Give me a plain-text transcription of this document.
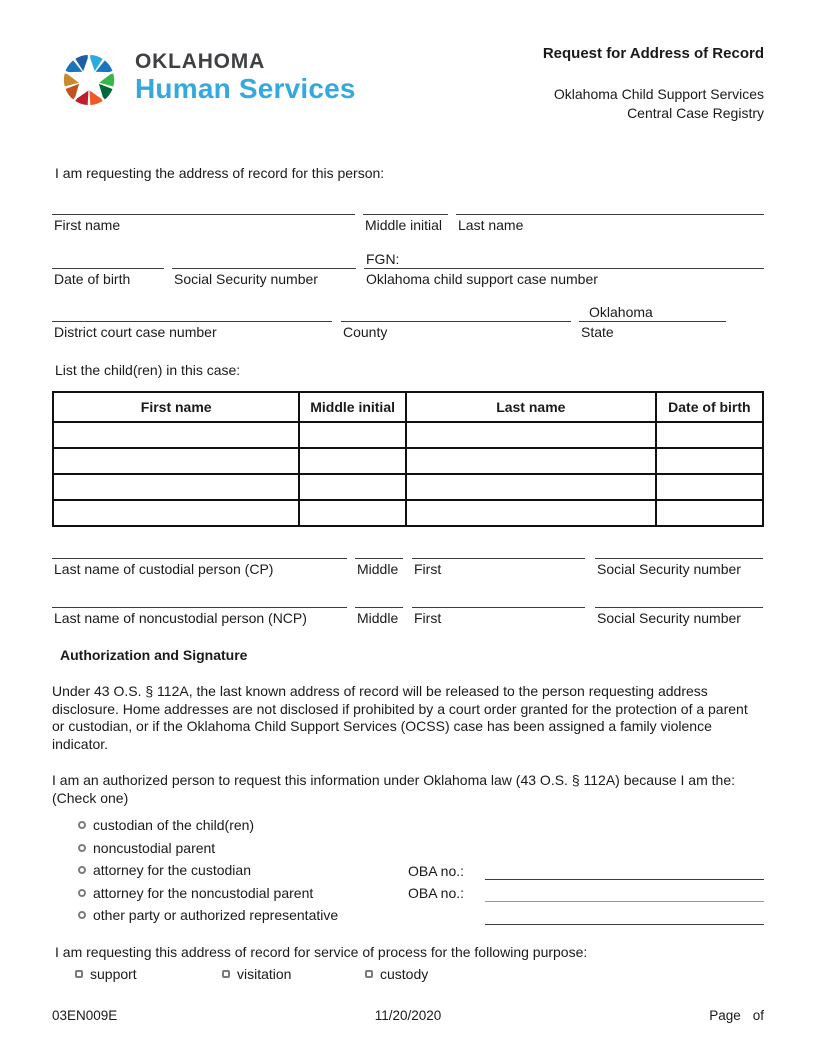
OKLAHOMA
Human Services
Request for Address of Record
Oklahoma Child Support Services
Central Case Registry
I am requesting the address of record for this person:
First name	Middle initial	Last name
Date of birth	Social Security number
FGN:
Oklahoma child support case number
District court case number	County
Oklahoma
State
List the child(ren) in this case:
First name	Middle initial	Last name	Date of birth

Last name of custodial person (CP)	Middle	First	Social Security number
Last name of noncustodial person (NCP)	Middle	First	Social Security number
Authorization and Signature
Under 43 O.S. § 112A, the last known address of record will be released to the person requesting address disclosure. Home addresses are not disclosed if prohibited by a court order granted for the protection of a parent or custodian, or if the Oklahoma Child Support Services (OCSS) case has been assigned a family violence indicator.
I am an authorized person to request this information under Oklahoma law (43 O.S. § 112A) because I am the: (Check one)
custodian of the child(ren)
noncustodial parent
attorney for the custodian	OBA no.:
attorney for the noncustodial parent	OBA no.:
other party or authorized representative
I am requesting this address of record for service of process for the following purpose:
support	visitation	custody
03EN009E	11/20/2020	Page of
